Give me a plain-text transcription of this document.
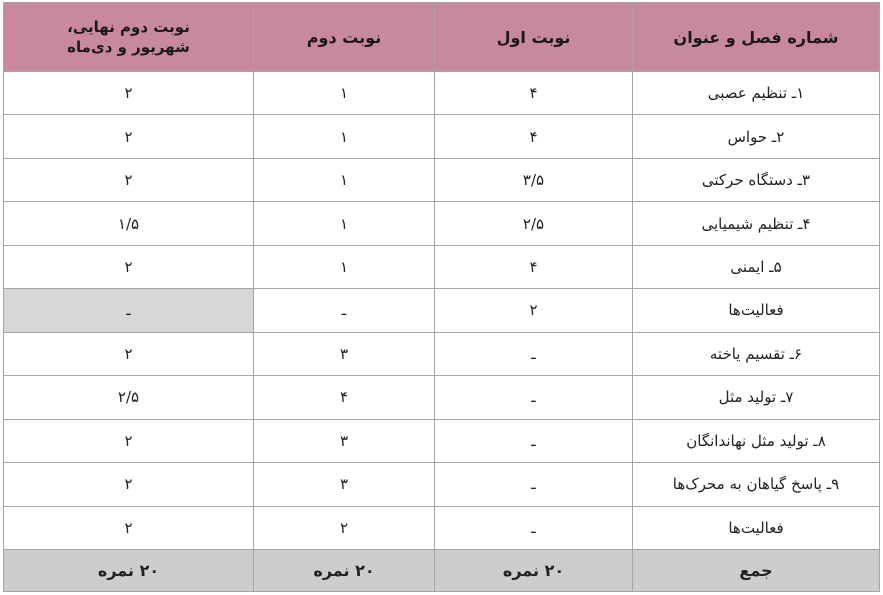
شماره فصل و عنوان	نوبت اول	نوبت دوم	نوبت دوم نهایی،
شهریور و دی‌ماه

۱ـ تنظیم عصبی	۴	۱	۲
۲ـ حواس	۴	۱	۲
۳ـ دستگاه حرکتی	۳/۵	۱	۲
۴ـ تنظیم شیمیایی	۲/۵	۱	۱/۵
۵ـ ایمنی	۴	۱	۲
فعالیت‌ها	۲	ـ	ـ
۶ـ تقسیم یاخته	ـ	۳	۲
۷ـ تولید مثل	ـ	۴	۲/۵
۸ـ تولید مثل نهاندانگان	ـ	۳	۲
۹ـ پاسخ گیاهان به محرک‌ها	ـ	۳	۲
فعالیت‌ها	ـ	۲	۲
جمع	۲۰ نمره	۲۰ نمره	۲۰ نمره
